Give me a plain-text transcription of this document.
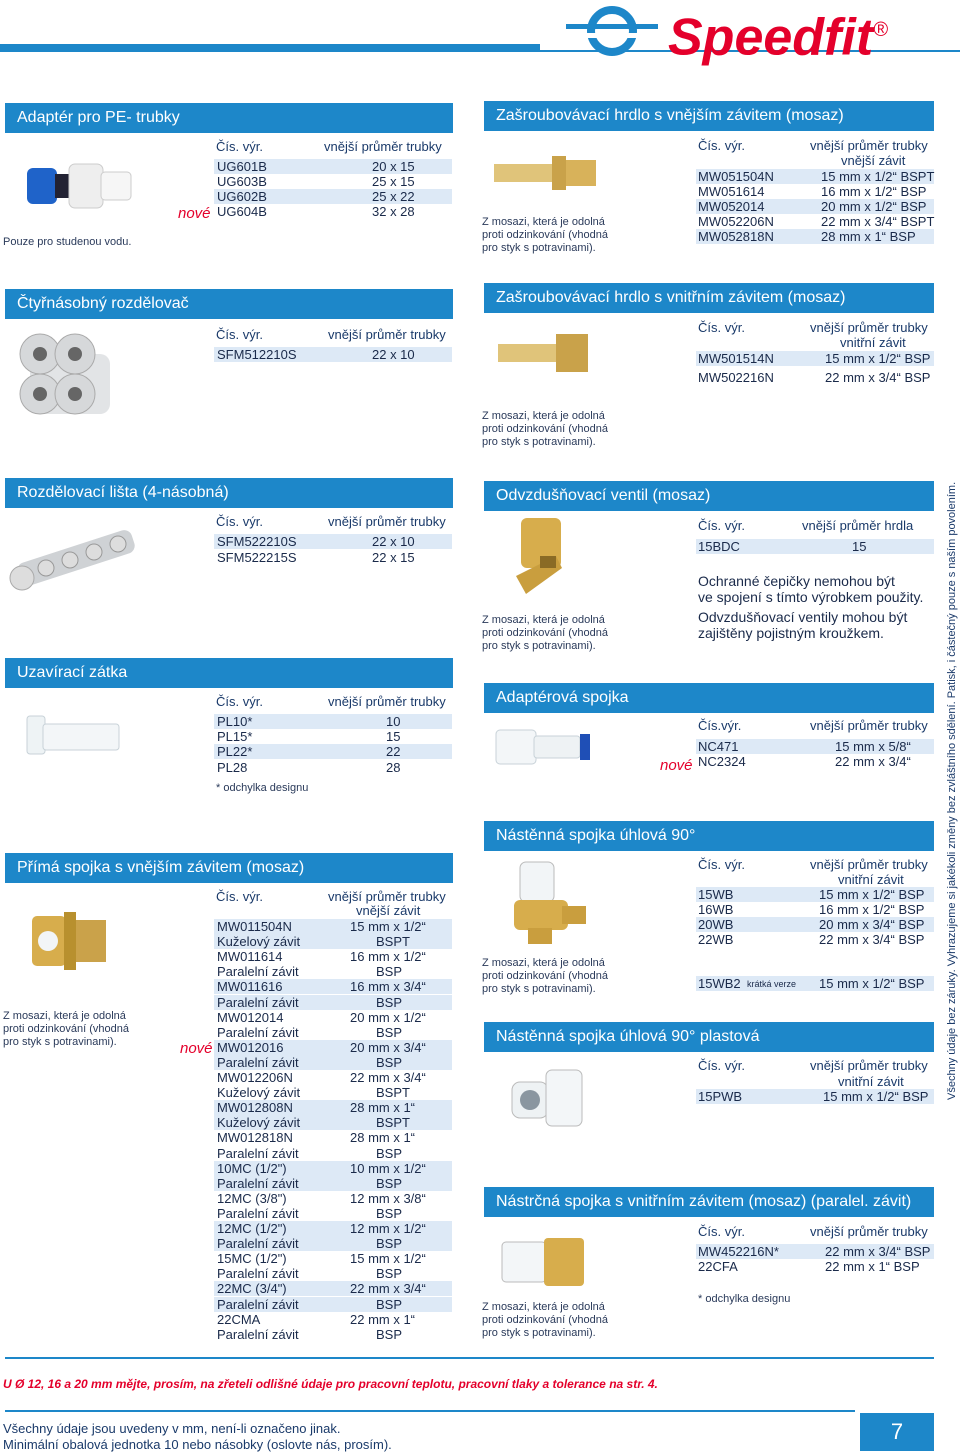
Speedfit®
Adaptér pro PE- trubky
Pouze pro studenou vodu.
Čís. výr.	vnější průměr trubky
UG601B	20 x 15
UG603B	25 x 15
UG602B	25 x 22
UG604B	32 x 28
nové
Zašroubovávací hrdlo s vnějším závitem (mosaz)
Z mosazi, která je odolná
proti odzinkování (vhodná
pro styk s potravinami).
Čís. výr.	vnější průměr trubky
vnější závit
MW051504N	15 mm x 1/2“ BSPT
MW051614	16 mm x 1/2“ BSP
MW052014	20 mm x 1/2“ BSP
MW052206N	22 mm x 3/4“ BSPT
MW052818N	28 mm x 1“ BSP
Čtyřnásobný rozdělovač
Čís. výr.	vnější průměr trubky
SFM512210S	22 x 10
Zašroubovávací hrdlo s vnitřním závitem (mosaz)
Z mosazi, která je odolná
proti odzinkování (vhodná
pro styk s potravinami).
Čís. výr.	vnější průměr trubky
vnitřní závit
MW501514N	15 mm x 1/2“ BSP
MW502216N	22 mm x 3/4“ BSP
Rozdělovací lišta (4-násobná)
Čís. výr.	vnější průměr trubky
SFM522210S	22 x 10
SFM522215S	22 x 15
Odvzdušňovací ventil (mosaz)
Z mosazi, která je odolná
proti odzinkování (vhodná
pro styk s potravinami).
Čís. výr.	vnější průměr hrdla
15BDC	15
Ochranné čepičky nemohou být
ve spojení s tímto výrobkem použity.
Odvzdušňovací ventily mohou být
zajištěny pojistným kroužkem.
Uzavírací zátka
Čís. výr.	vnější průměr trubky
PL10*	10
PL15*	15
PL22*	22
PL28	28
* odchylka designu
Adaptérová spojka
Čís.výr.	vnější průměr trubky
NC471	15 mm x 5/8“
NC2324	22 mm x 3/4“
nové
Nástěnná spojka úhlová 90°
Z mosazi, která je odolná
proti odzinkování (vhodná
pro styk s potravinami).
Čís. výr.	vnější průměr trubky
vnitřní závit
15WB	15 mm x 1/2“ BSP
16WB	16 mm x 1/2“ BSP
20WB	20 mm x 3/4“ BSP
22WB	22 mm x 3/4“ BSP
15WB2 krátká verze 15 mm x 1/2“ BSP
Přímá spojka s vnějším závitem (mosaz)
Z mosazi, která je odolná
proti odzinkování (vhodná
pro styk s potravinami).
Čís. výr.	vnější průměr trubky
vnější závit
MW011504N	15 mm x 1/2“
Kuželový závit	BSPT
MW011614	16 mm x 1/2“
Paralelní závit	BSP
MW011616	16 mm x 3/4“
Paralelní závit	BSP
MW012014	20 mm x 1/2“
Paralelní závit	BSP
MW012016	20 mm x 3/4“
Paralelní závit	BSP
MW012206N	22 mm x 3/4“
Kuželový závit	BSPT
MW012808N	28 mm x 1“
Kuželový závit	BSPT
MW012818N	28 mm x 1“
Paralelní závit	BSP
10MC (1/2")	10 mm x 1/2“
Paralelní závit	BSP
12MC (3/8")	12 mm x 3/8“
Paralelní závit	BSP
12MC (1/2")	12 mm x 1/2“
Paralelní závit	BSP
15MC (1/2")	15 mm x 1/2“
Paralelní závit	BSP
22MC (3/4")	22 mm x 3/4“
Paralelní závit	BSP
22CMA	22 mm x 1“
Paralelní závit	BSP
nové
Nástěnná spojka úhlová 90° plastová
Čís. výr.	vnější průměr trubky
vnitřní závit
15PWB	15 mm x 1/2“ BSP
Nástrčná spojka s vnitřním závitem (mosaz) (paralel. závit)
Z mosazi, která je odolná
proti odzinkování (vhodná
pro styk s potravinami).
Čís. výr.	vnější průměr trubky
MW452216N*	22 mm x 3/4“ BSP
22CFA	22 mm x 1“ BSP
* odchylka designu
Všechny údaje bez záruky. Vyhrazujeme si jakékoli změny bez zvláštního sdělení. Patisk, i částečný pouze s naším povolením.
U Ø 12, 16 a 20 mm mějte, prosím, na zřeteli odlišné údaje pro pracovní teplotu, pracovní tlaky a tolerance na str. 4.
Všechny údaje jsou uvedeny v mm, není-li označeno jinak.
Minimální obalová jednotka 10 nebo násobky (oslovte nás, prosím).
7
